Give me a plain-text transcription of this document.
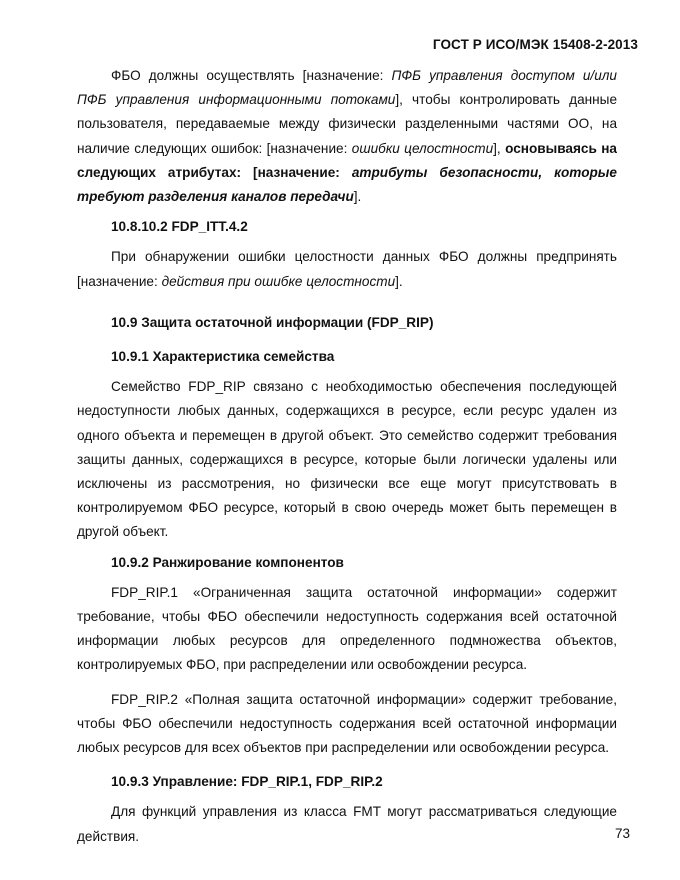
ГОСТ Р ИСО/МЭК 15408-2-2013

ФБО должны осуществлять [назначение: ПФБ управления доступом и/или ПФБ управления информационными потоками], чтобы контролировать данные пользователя, передаваемые между физически разделенными частями ОО, на наличие следующих ошибок: [назначение: ошибки целостности], основываясь на следующих атрибутах: [назначение: атрибуты безопасности, которые требуют разделения каналов передачи].

10.8.10.2 FDP_ITT.4.2

При обнаружении ошибки целостности данных ФБО должны предпринять [назначение: действия при ошибке целостности].

10.9 Защита остаточной информации (FDP_RIP)
10.9.1 Характеристика семейства

Семейство FDP_RIP связано с необходимостью обеспечения последующей недоступности любых данных, содержащихся в ресурсе, если ресурс удален из одного объекта и перемещен в другой объект. Это семейство содержит требования защиты данных, содержащихся в ресурсе, которые были логически удалены или исключены из рассмотрения, но физически все еще могут присутствовать в контролируемом ФБО ресурсе, который в свою очередь может быть перемещен в другой объект.

10.9.2 Ранжирование компонентов

FDP_RIP.1 «Ограниченная защита остаточной информации» содержит требование, чтобы ФБО обеспечили недоступность содержания всей остаточной информации любых ресурсов для определенного подмножества объектов, контролируемых ФБО, при распределении или освобождении ресурса.

FDP_RIP.2 «Полная защита остаточной информации» содержит требование, чтобы ФБО обеспечили недоступность содержания всей остаточной информации любых ресурсов для всех объектов при распределении или освобождении ресурса.

10.9.3 Управление: FDP_RIP.1, FDP_RIP.2

Для функций управления из класса FMT могут рассматриваться следующие действия.	73
